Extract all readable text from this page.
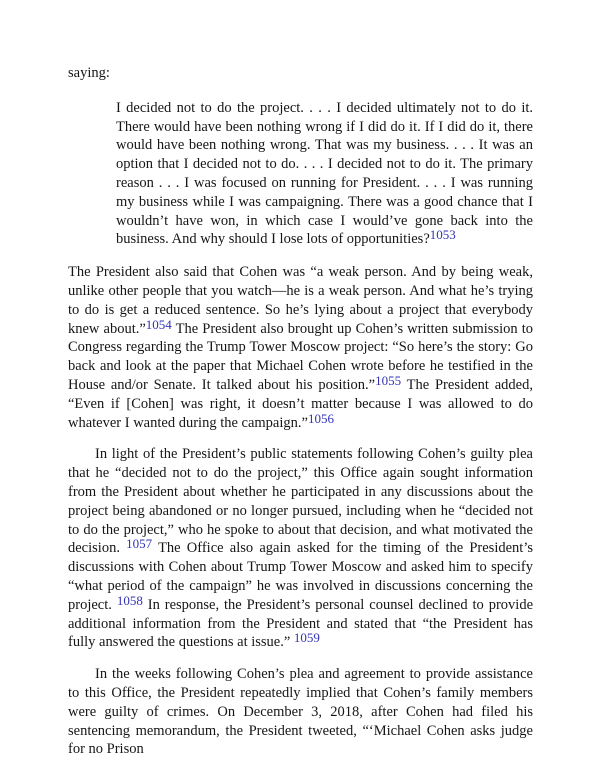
saying:
I decided not to do the project. . . . I decided ultimately not to do it. There would have been nothing wrong if I did do it. If I did do it, there would have been nothing wrong. That was my business. . . . It was an option that I decided not to do. . . . I decided not to do it. The primary reason . . . I was focused on running for President. . . . I was running my business while I was campaigning. There was a good chance that I wouldn’t have won, in which case I would’ve gone back into the business. And why should I lose lots of opportunities?$^{1053}$

The President also said that Cohen was “a weak person. And by being weak, unlike other people that you watch—he is a weak person. And what he’s trying to do is get a reduced sentence. So he’s lying about a project that everybody knew about.”$^{1054}$ The President also brought up Cohen’s written submission to Congress regarding the Trump Tower Moscow project: “So here’s the story: Go back and look at the paper that Michael Cohen wrote before he testified in the House and/or Senate. It talked about his position.”$^{1055}$ The President added, “Even if [Cohen] was right, it doesn’t matter because I was allowed to do whatever I wanted during the campaign.”$^{1056}$

In light of the President’s public statements following Cohen’s guilty plea that he “decided not to do the project,” this Office again sought information from the President about whether he participated in any discussions about the project being abandoned or no longer pursued, including when he “decided not to do the project,” who he spoke to about that decision, and what motivated the decision. $^{1057}$ The Office also again asked for the timing of the President’s discussions with Cohen about Trump Tower Moscow and asked him to specify “what period of the campaign” he was involved in discussions concerning the project. $^{1058}$ In response, the President’s personal counsel declined to provide additional information from the President and stated that “the President has fully answered the questions at issue.” $^{1059}$

In the weeks following Cohen’s plea and agreement to provide assistance to this Office, the President repeatedly implied that Cohen’s family members were guilty of crimes. On December 3, 2018, after Cohen had filed his sentencing memorandum, the President tweeted, “‘Michael Cohen asks judge for no Prison
